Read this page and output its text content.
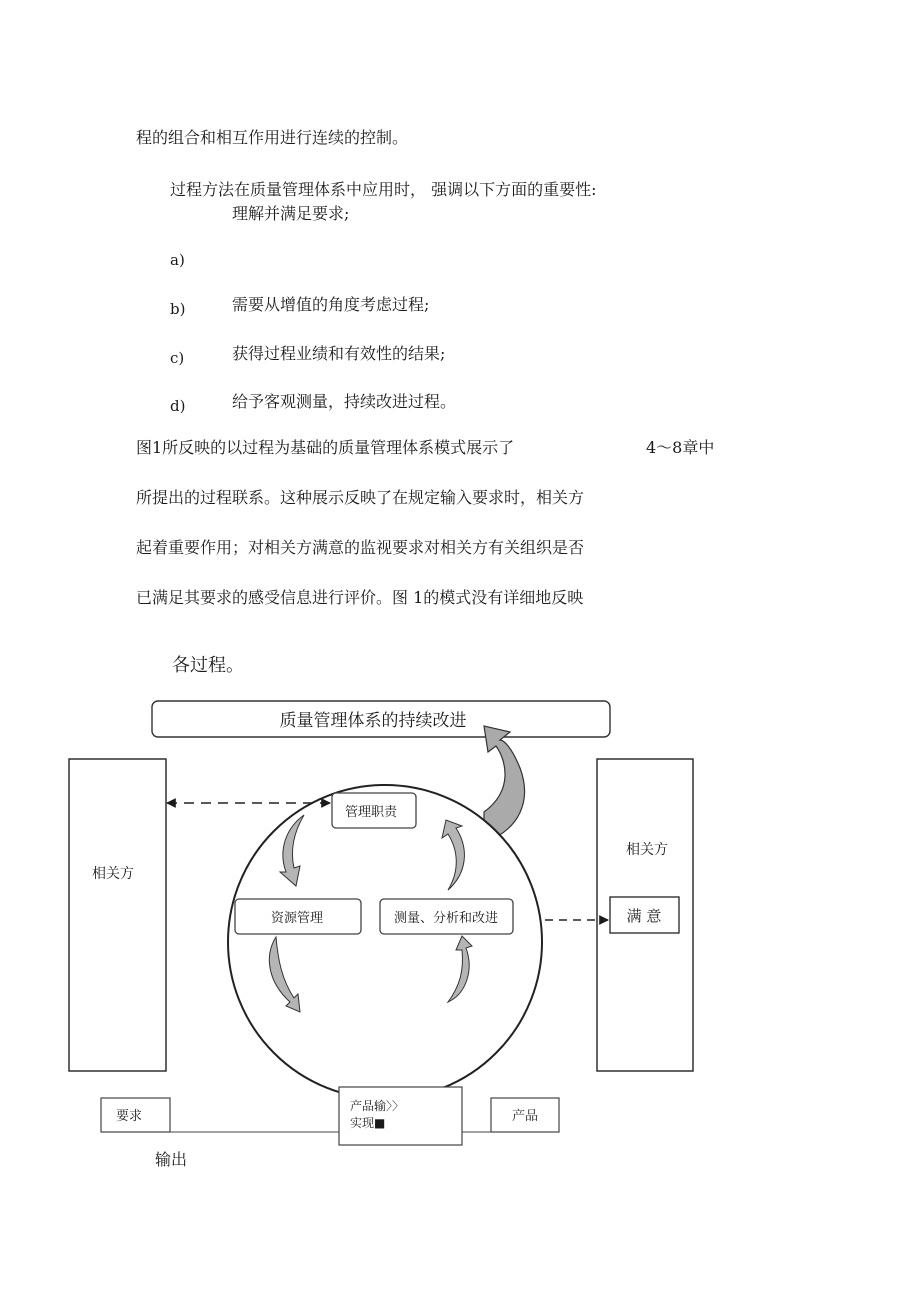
程的组合和相互作用进行连续的控制。
过程方法在质量管理体系中应用时， 强调以下方面的重要性:
理解并满足要求;
a)
b)	需要从增值的角度考虑过程;
c)	获得过程业绩和有效性的结果;
d)	给予客观测量，持续改进过程。
图1所反映的以过程为基础的质量管理体系模式展示了	4～8章中
所提出的过程联系。这种展示反映了在规定输入要求时，相关方
起着重要作用；对相关方满意的监视要求对相关方有关组织是否
已满足其要求的感受信息进行评价。图 1的模式没有详细地反映
各过程。
质量管理体系的持续改进
相关方
相关方
满 意
管理职责
资源管理	测量、分析和改进
要求
产品输〉〉
实现■	产品
输出
